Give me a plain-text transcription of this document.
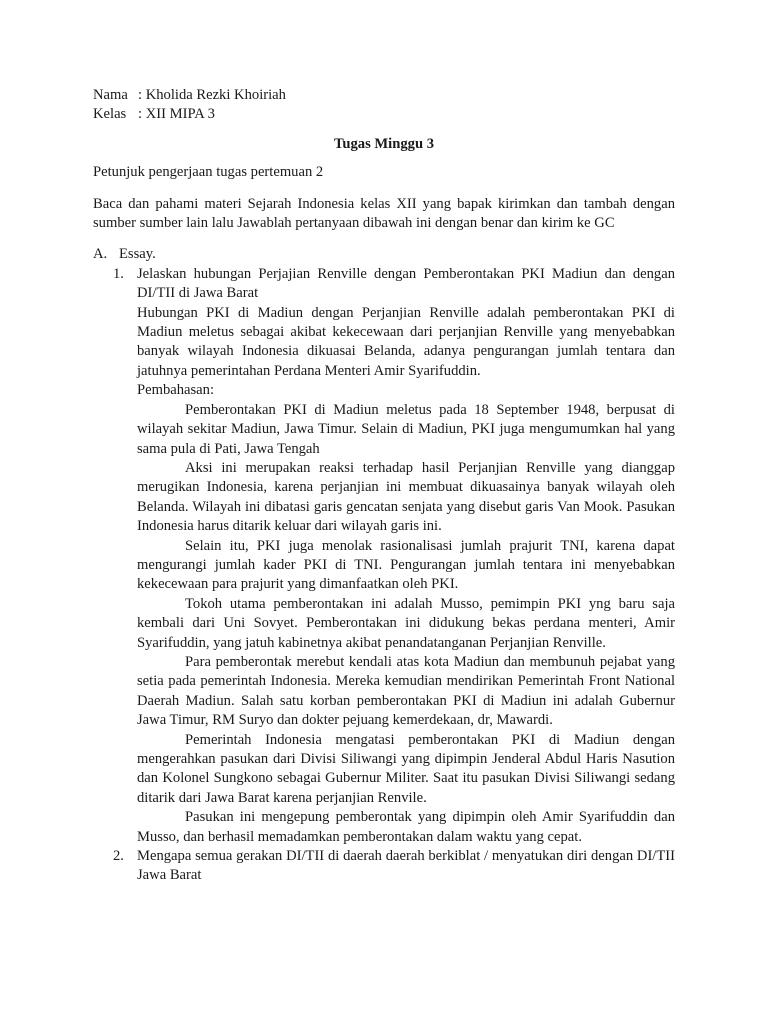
Nama : Kholida Rezki Khoiriah
Kelas : XII MIPA 3
Tugas Minggu 3
Petunjuk pengerjaan tugas pertemuan 2
Baca dan pahami materi Sejarah Indonesia kelas XII yang bapak kirimkan dan tambah dengan sumber sumber lain lalu Jawablah pertanyaan dibawah ini dengan benar dan kirim ke GC
A. Essay.
1. Jelaskan hubungan Perjajian Renville dengan Pemberontakan PKI Madiun dan dengan DI/TII di Jawa Barat
Hubungan PKI di Madiun dengan Perjanjian Renville adalah pemberontakan PKI di Madiun meletus sebagai akibat kekecewaan dari perjanjian Renville yang menyebabkan banyak wilayah Indonesia dikuasai Belanda, adanya pengurangan jumlah tentara dan jatuhnya pemerintahan Perdana Menteri Amir Syarifuddin.
Pembahasan:
Pemberontakan PKI di Madiun meletus pada 18 September 1948, berpusat di wilayah sekitar Madiun, Jawa Timur. Selain di Madiun, PKI juga mengumumkan hal yang sama pula di Pati, Jawa Tengah
Aksi ini merupakan reaksi terhadap hasil Perjanjian Renville yang dianggap merugikan Indonesia, karena perjanjian ini membuat dikuasainya banyak wilayah oleh Belanda. Wilayah ini dibatasi garis gencatan senjata yang disebut garis Van Mook. Pasukan Indonesia harus ditarik keluar dari wilayah garis ini.
Selain itu, PKI juga menolak rasionalisasi jumlah prajurit TNI, karena dapat mengurangi jumlah kader PKI di TNI. Pengurangan jumlah tentara ini menyebabkan kekecewaan para prajurit yang dimanfaatkan oleh PKI.
Tokoh utama pemberontakan ini adalah Musso, pemimpin PKI yng baru saja kembali dari Uni Sovyet. Pemberontakan ini didukung bekas perdana menteri, Amir Syarifuddin, yang jatuh kabinetnya akibat penandatanganan Perjanjian Renville.
Para pemberontak merebut kendali atas kota Madiun dan membunuh pejabat yang setia pada pemerintah Indonesia. Mereka kemudian mendirikan Pemerintah Front National Daerah Madiun. Salah satu korban pemberontakan PKI di Madiun ini adalah Gubernur Jawa Timur, RM Suryo dan dokter pejuang kemerdekaan, dr, Mawardi.
Pemerintah Indonesia mengatasi pemberontakan PKI di Madiun dengan mengerahkan pasukan dari Divisi Siliwangi yang dipimpin Jenderal Abdul Haris Nasution dan Kolonel Sungkono sebagai Gubernur Militer. Saat itu pasukan Divisi Siliwangi sedang ditarik dari Jawa Barat karena perjanjian Renvile.
Pasukan ini mengepung pemberontak yang dipimpin oleh Amir Syarifuddin dan Musso, dan berhasil memadamkan pemberontakan dalam waktu yang cepat.
2. Mengapa semua gerakan DI/TII di daerah daerah berkiblat / menyatukan diri dengan DI/TII Jawa Barat
